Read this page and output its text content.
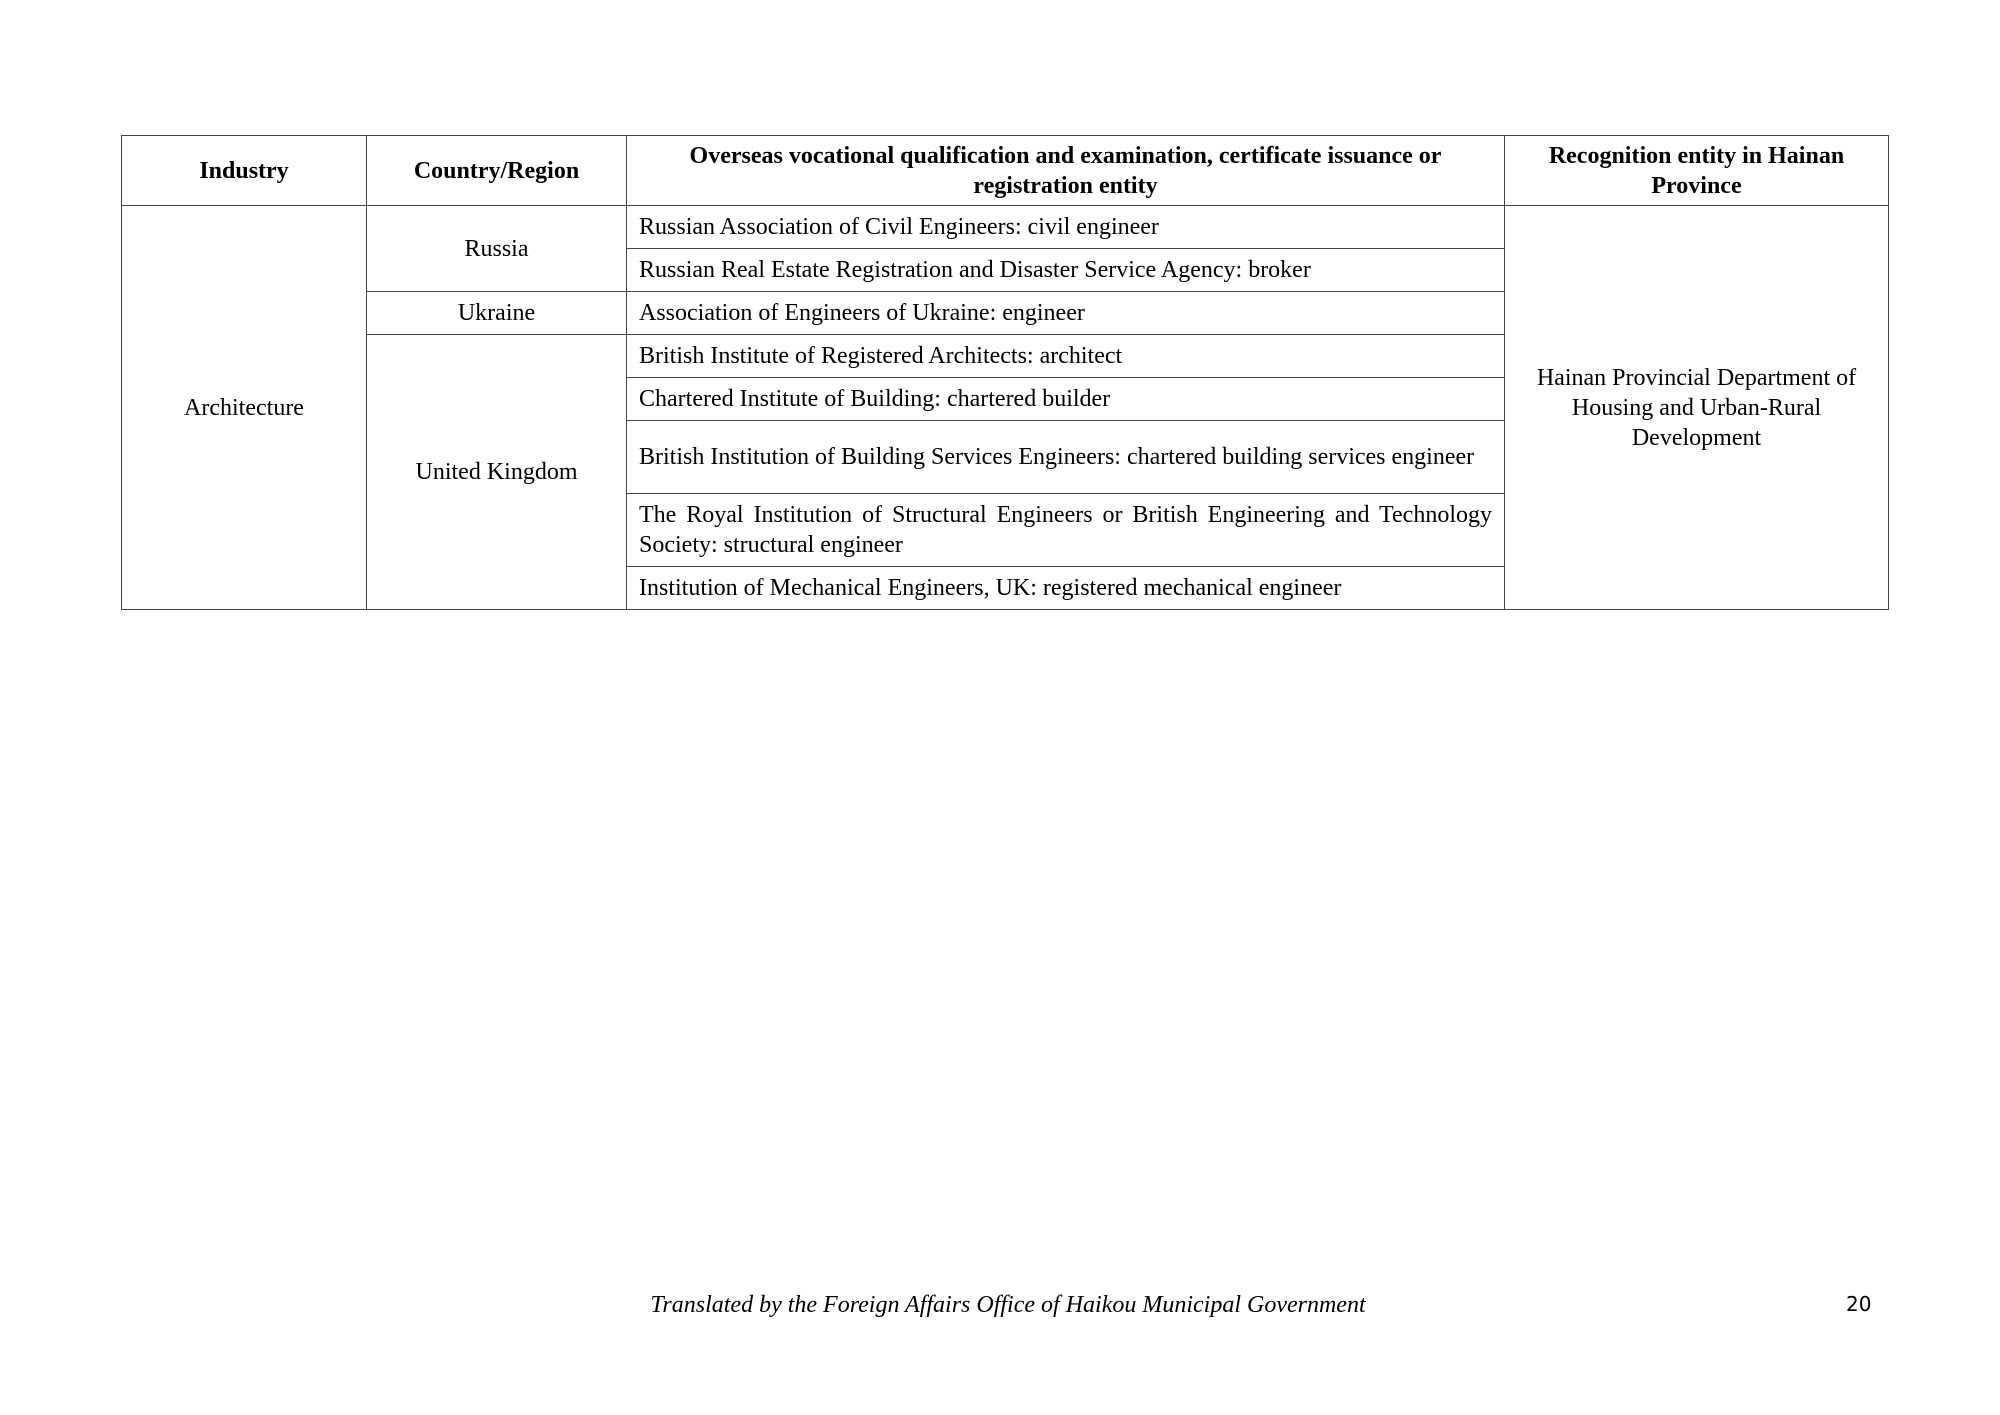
Industry	Country/Region	Overseas vocational qualification and examination, certificate issuance or registration entity	Recognition entity in Hainan Province
Architecture	Russia	Russian Association of Civil Engineers: civil engineer	Hainan Provincial Department of Housing and Urban-Rural Development
		Russian Real Estate Registration and Disaster Service Agency: broker	
	Ukraine	Association of Engineers of Ukraine: engineer	
	United Kingdom	British Institute of Registered Architects: architect	
		Chartered Institute of Building: chartered builder	
		British Institution of Building Services Engineers: chartered building services engineer	
		The Royal Institution of Structural Engineers or British Engineering and Technology Society: structural engineer	
		Institution of Mechanical Engineers, UK: registered mechanical engineer	
Translated by the Foreign Affairs Office of Haikou Municipal Government	20
